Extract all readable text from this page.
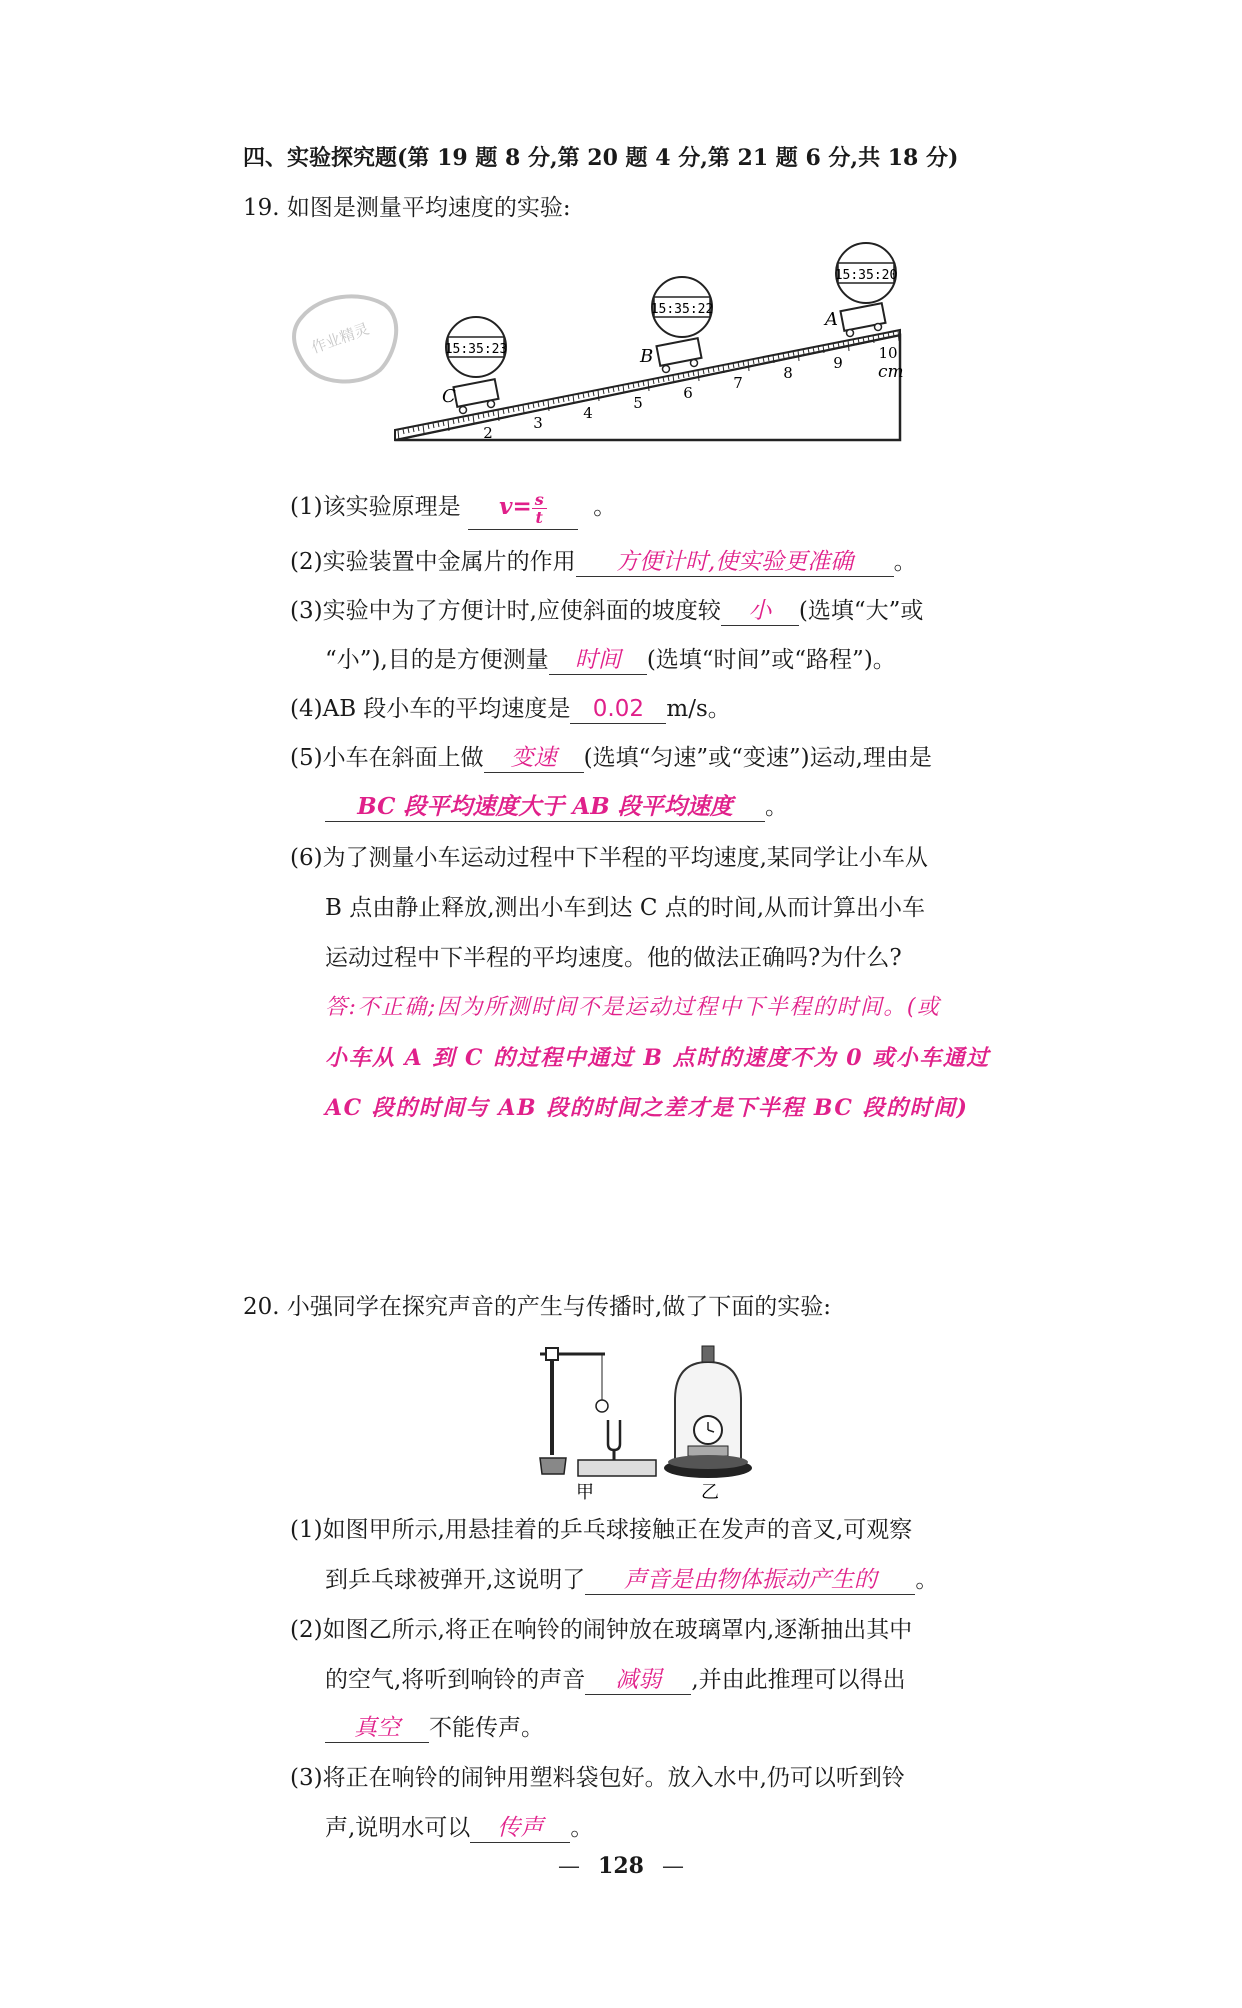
四、实验探究题(第 19 题 8 分,第 20 题 4 分,第 21 题 6 分,共 18 分)
19. 如图是测量平均速度的实验:
作业精灵
2
3
4
5
6
7
8
9
10
cm
C
B
A
15:35:23
15:35:22
15:35:20
(1)该实验原理是 $v= \frac{s}{t}$ 。
(2)实验装置中金属片的作用 方便计时,使实验更准确 。
(3)实验中为了方便计时,应使斜面的坡度较 小 (选填“大”或
“小”),目的是方便测量 时间 (选填“时间”或“路程”)。
(4)AB 段小车的平均速度是 0.02 m/s。
(5)小车在斜面上做 变速 (选填“匀速”或“变速”)运动,理由是
BC 段平均速度大于 AB 段平均速度 。
(6)为了测量小车运动过程中下半程的平均速度,某同学让小车从
B 点由静止释放,测出小车到达 C 点的时间,从而计算出小车
运动过程中下半程的平均速度。他的做法正确吗?为什么?
答:不正确;因为所测时间不是运动过程中下半程的时间。(或
小车从 A 到 C 的过程中通过 B 点时的速度不为 0 或小车通过
AC 段的时间与 AB 段的时间之差才是下半程 BC 段的时间)
20. 小强同学在探究声音的产生与传播时,做了下面的实验:
甲	乙
(1)如图甲所示,用悬挂着的乒乓球接触正在发声的音叉,可观察
到乒乓球被弹开,这说明了 声音是由物体振动产生的 。
(2)如图乙所示,将正在响铃的闹钟放在玻璃罩内,逐渐抽出其中
的空气,将听到响铃的声音 减弱 ,并由此推理可以得出
真空 不能传声。
(3)将正在响铃的闹钟用塑料袋包好。放入水中,仍可以听到铃
声,说明水可以 传声 。
— 128 —
